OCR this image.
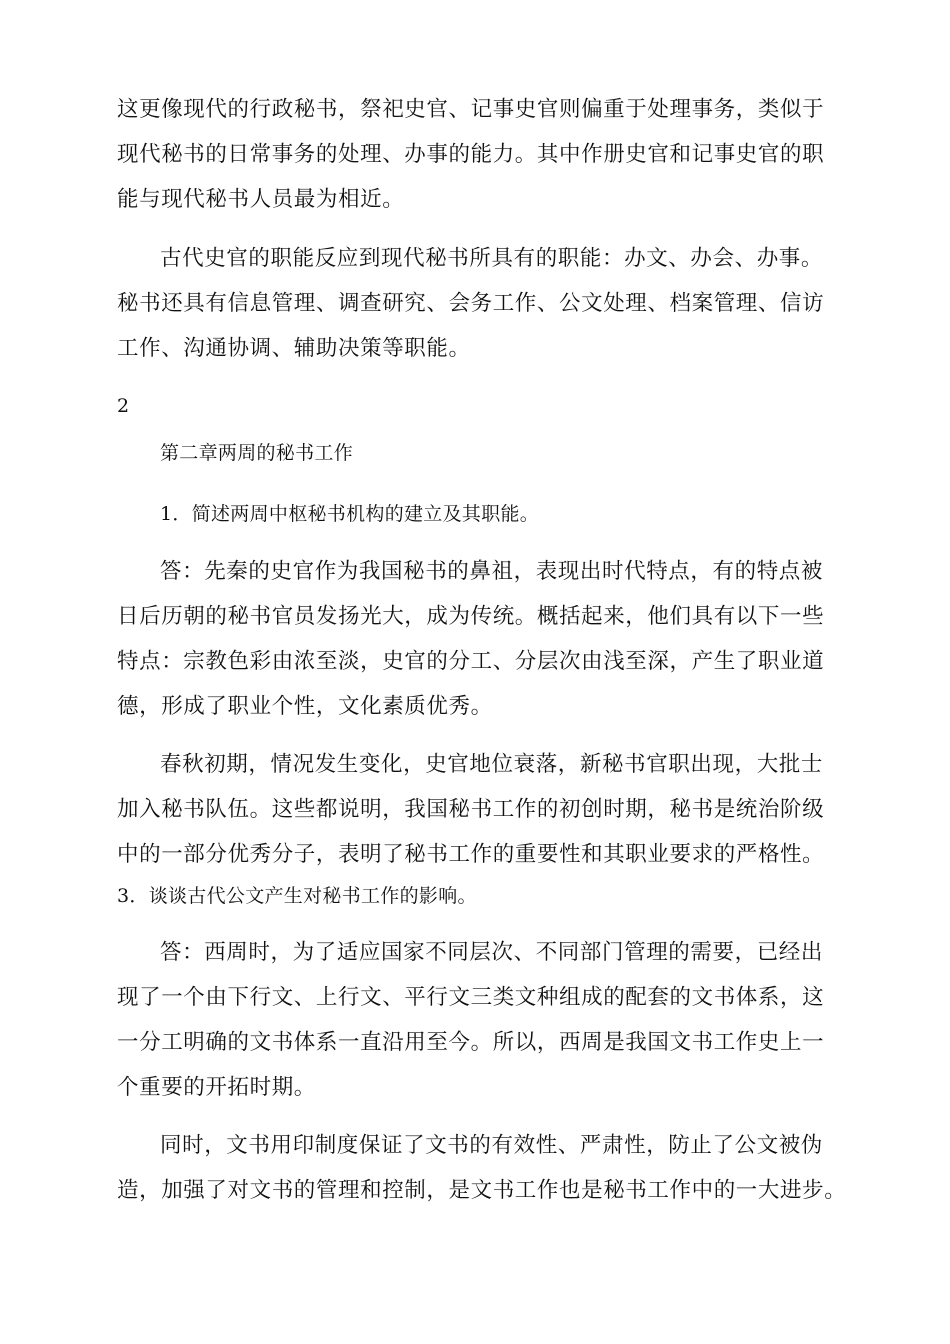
这更像现代的行政秘书，祭祀史官、记事史官则偏重于处理事务，类似于

现代秘书的日常事务的处理、办事的能力。其中作册史官和记事史官的职

能与现代秘书人员最为相近。

古代史官的职能反应到现代秘书所具有的职能：办文、办会、办事。

秘书还具有信息管理、调查研究、会务工作、公文处理、档案管理、信访

工作、沟通协调、辅助决策等职能。

2

第二章两周的秘书工作

1．简述两周中枢秘书机构的建立及其职能。

答：先秦的史官作为我国秘书的鼻祖，表现出时代特点，有的特点被

日后历朝的秘书官员发扬光大，成为传统。概括起来，他们具有以下一些

特点：宗教色彩由浓至淡，史官的分工、分层次由浅至深，产生了职业道

德，形成了职业个性，文化素质优秀。

春秋初期，情况发生变化，史官地位衰落，新秘书官职出现，大批士

加入秘书队伍。这些都说明，我国秘书工作的初创时期，秘书是统治阶级

中的一部分优秀分子，表明了秘书工作的重要性和其职业要求的严格性。

3．谈谈古代公文产生对秘书工作的影响。

答：西周时，为了适应国家不同层次、不同部门管理的需要，已经出

现了一个由下行文、上行文、平行文三类文种组成的配套的文书体系，这

一分工明确的文书体系一直沿用至今。所以，西周是我国文书工作史上一

个重要的开拓时期。

同时，文书用印制度保证了文书的有效性、严肃性，防止了公文被伪

造，加强了对文书的管理和控制，是文书工作也是秘书工作中的一大进步。
